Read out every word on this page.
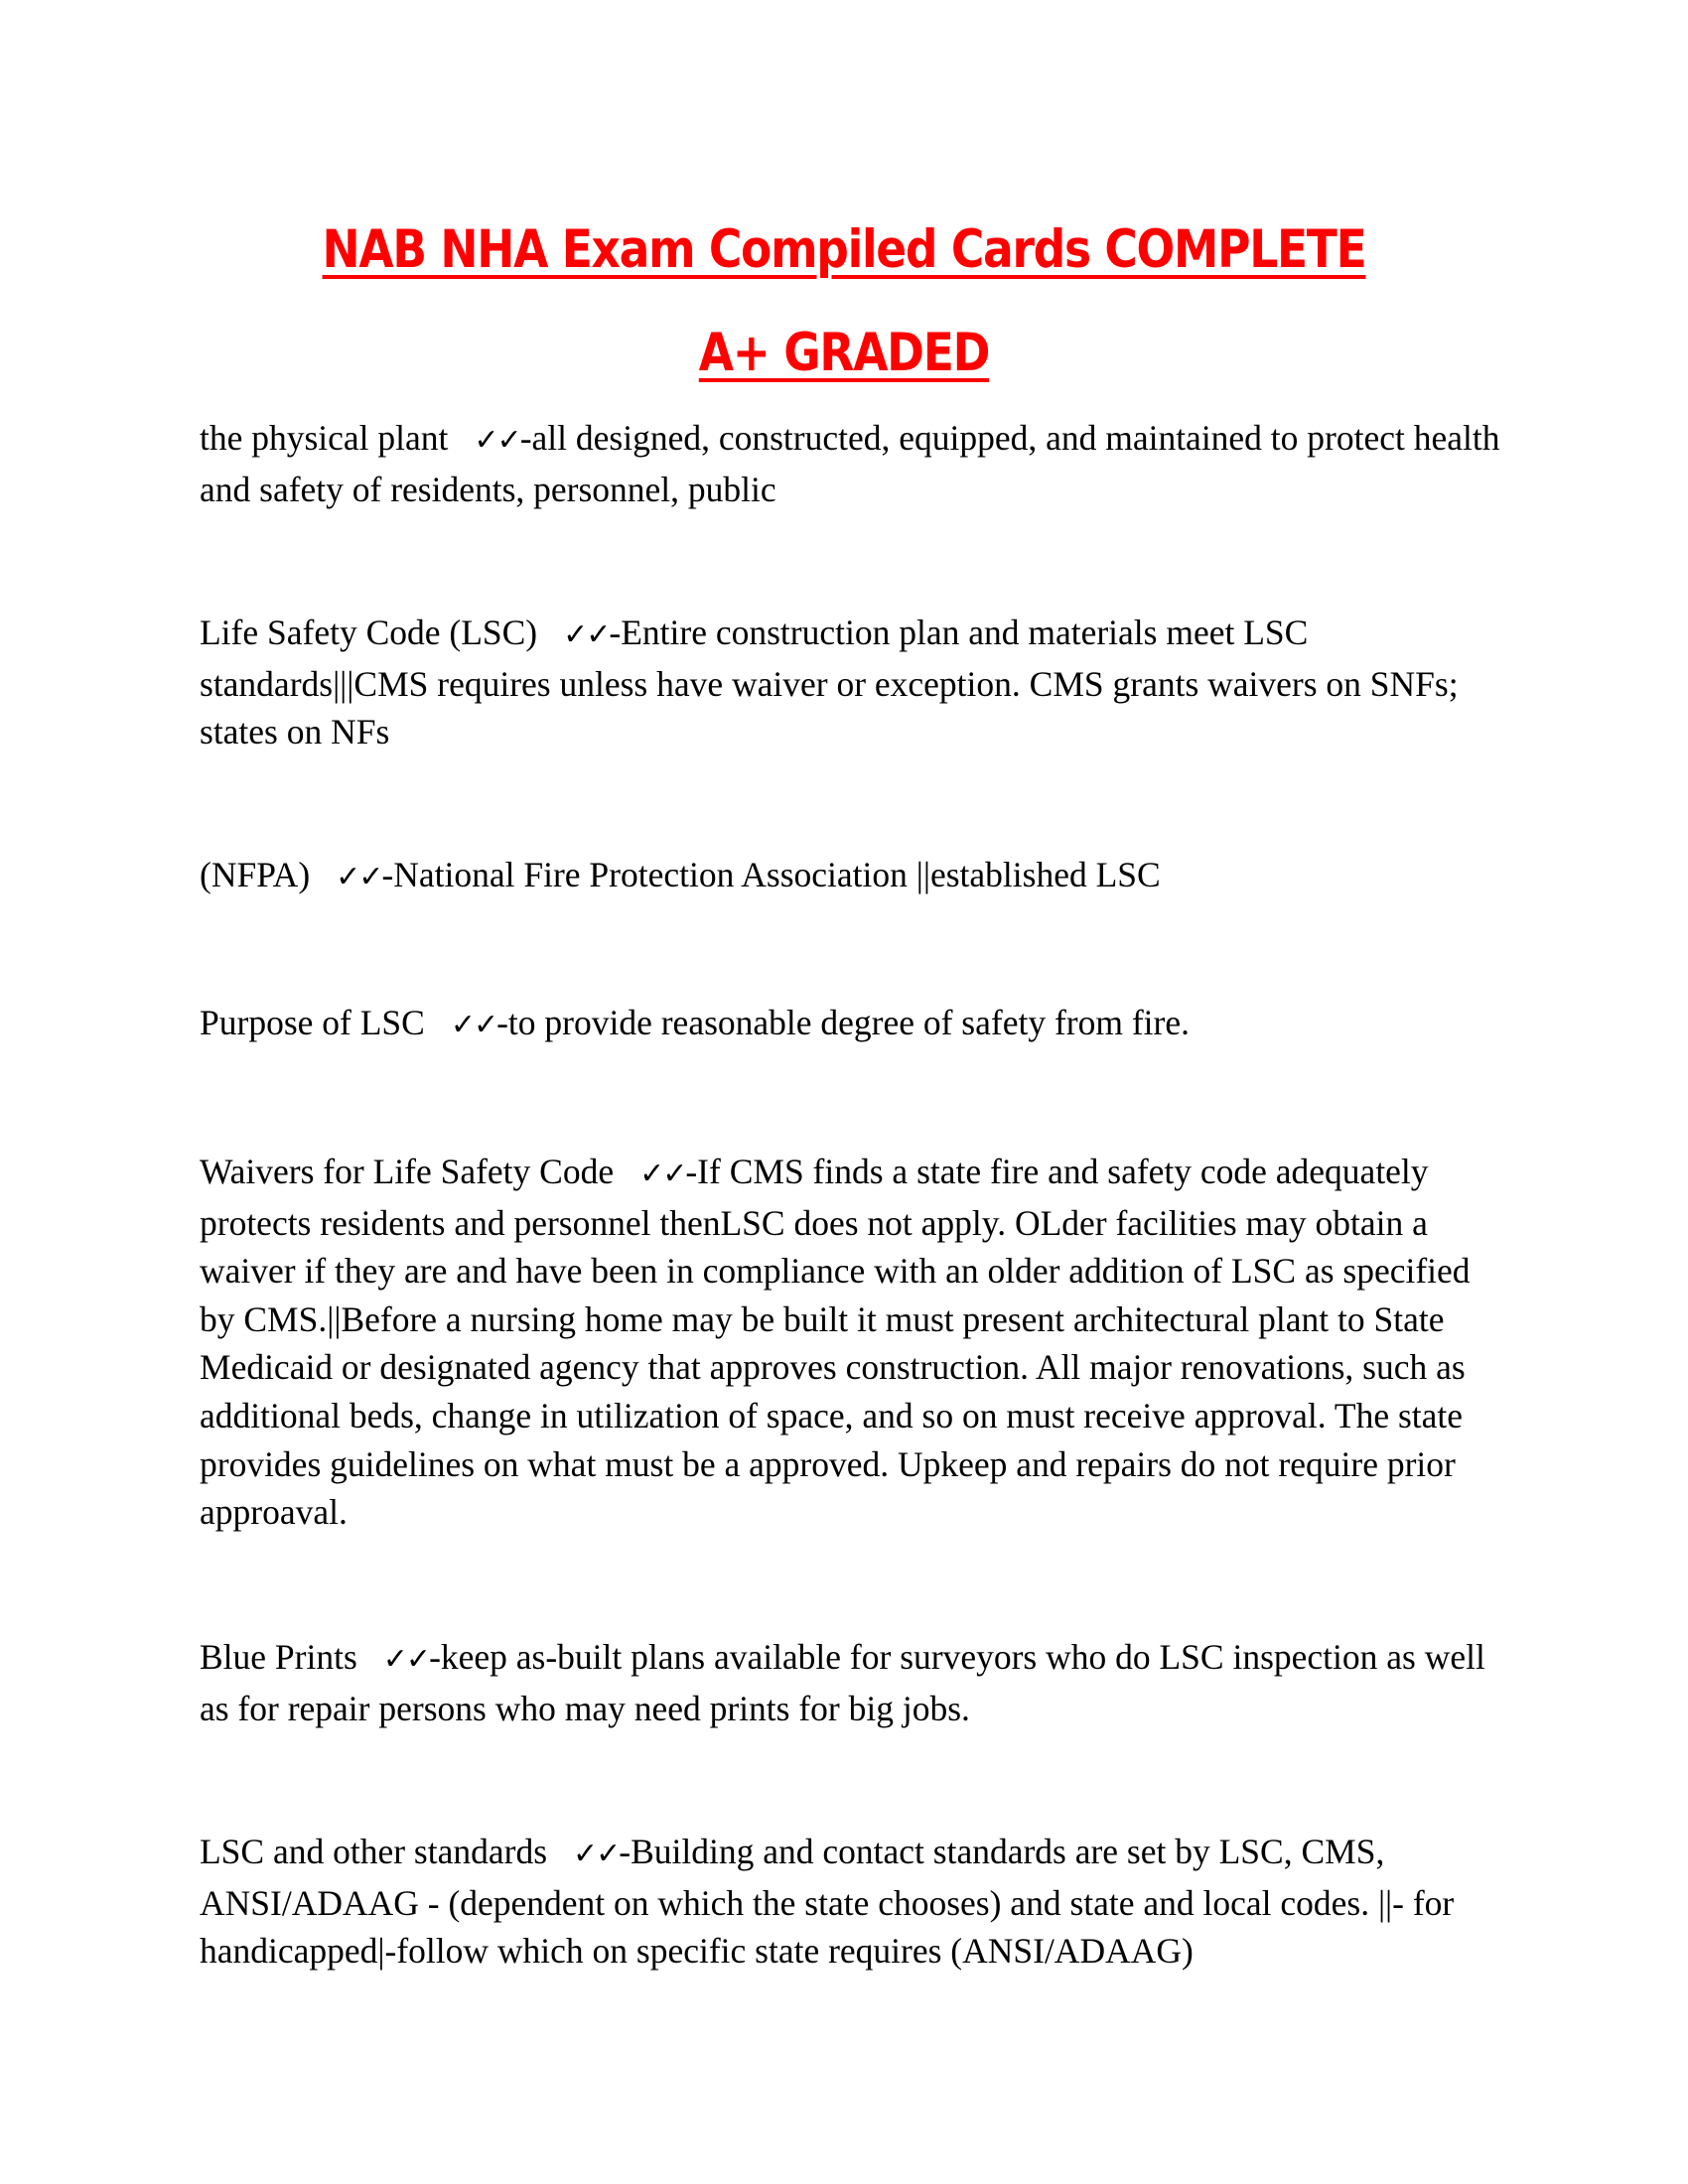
NAB NHA Exam Compiled Cards COMPLETE
A+ GRADED
the physical plant ✓✓-all designed, constructed, equipped, and maintained to protect health and safety of residents, personnel, public
Life Safety Code (LSC) ✓✓-Entire construction plan and materials meet LSC standards|||CMS requires unless have waiver or exception. CMS grants waivers on SNFs; states on NFs
(NFPA) ✓✓-National Fire Protection Association ||established LSC
Purpose of LSC ✓✓-to provide reasonable degree of safety from fire.
Waivers for Life Safety Code ✓✓-If CMS finds a state fire and safety code adequately protects residents and personnel thenLSC does not apply. OLder facilities may obtain a waiver if they are and have been in compliance with an older addition of LSC as specified by CMS.||Before a nursing home may be built it must present architectural plant to State Medicaid or designated agency that approves construction. All major renovations, such as additional beds, change in utilization of space, and so on must receive approval. The state provides guidelines on what must be a approved. Upkeep and repairs do not require prior approaval.
Blue Prints ✓✓-keep as-built plans available for surveyors who do LSC inspection as well as for repair persons who may need prints for big jobs.
LSC and other standards ✓✓-Building and contact standards are set by LSC, CMS, ANSI/ADAAG - (dependent on which the state chooses) and state and local codes. ||- for handicapped|-follow which on specific state requires (ANSI/ADAAG)
